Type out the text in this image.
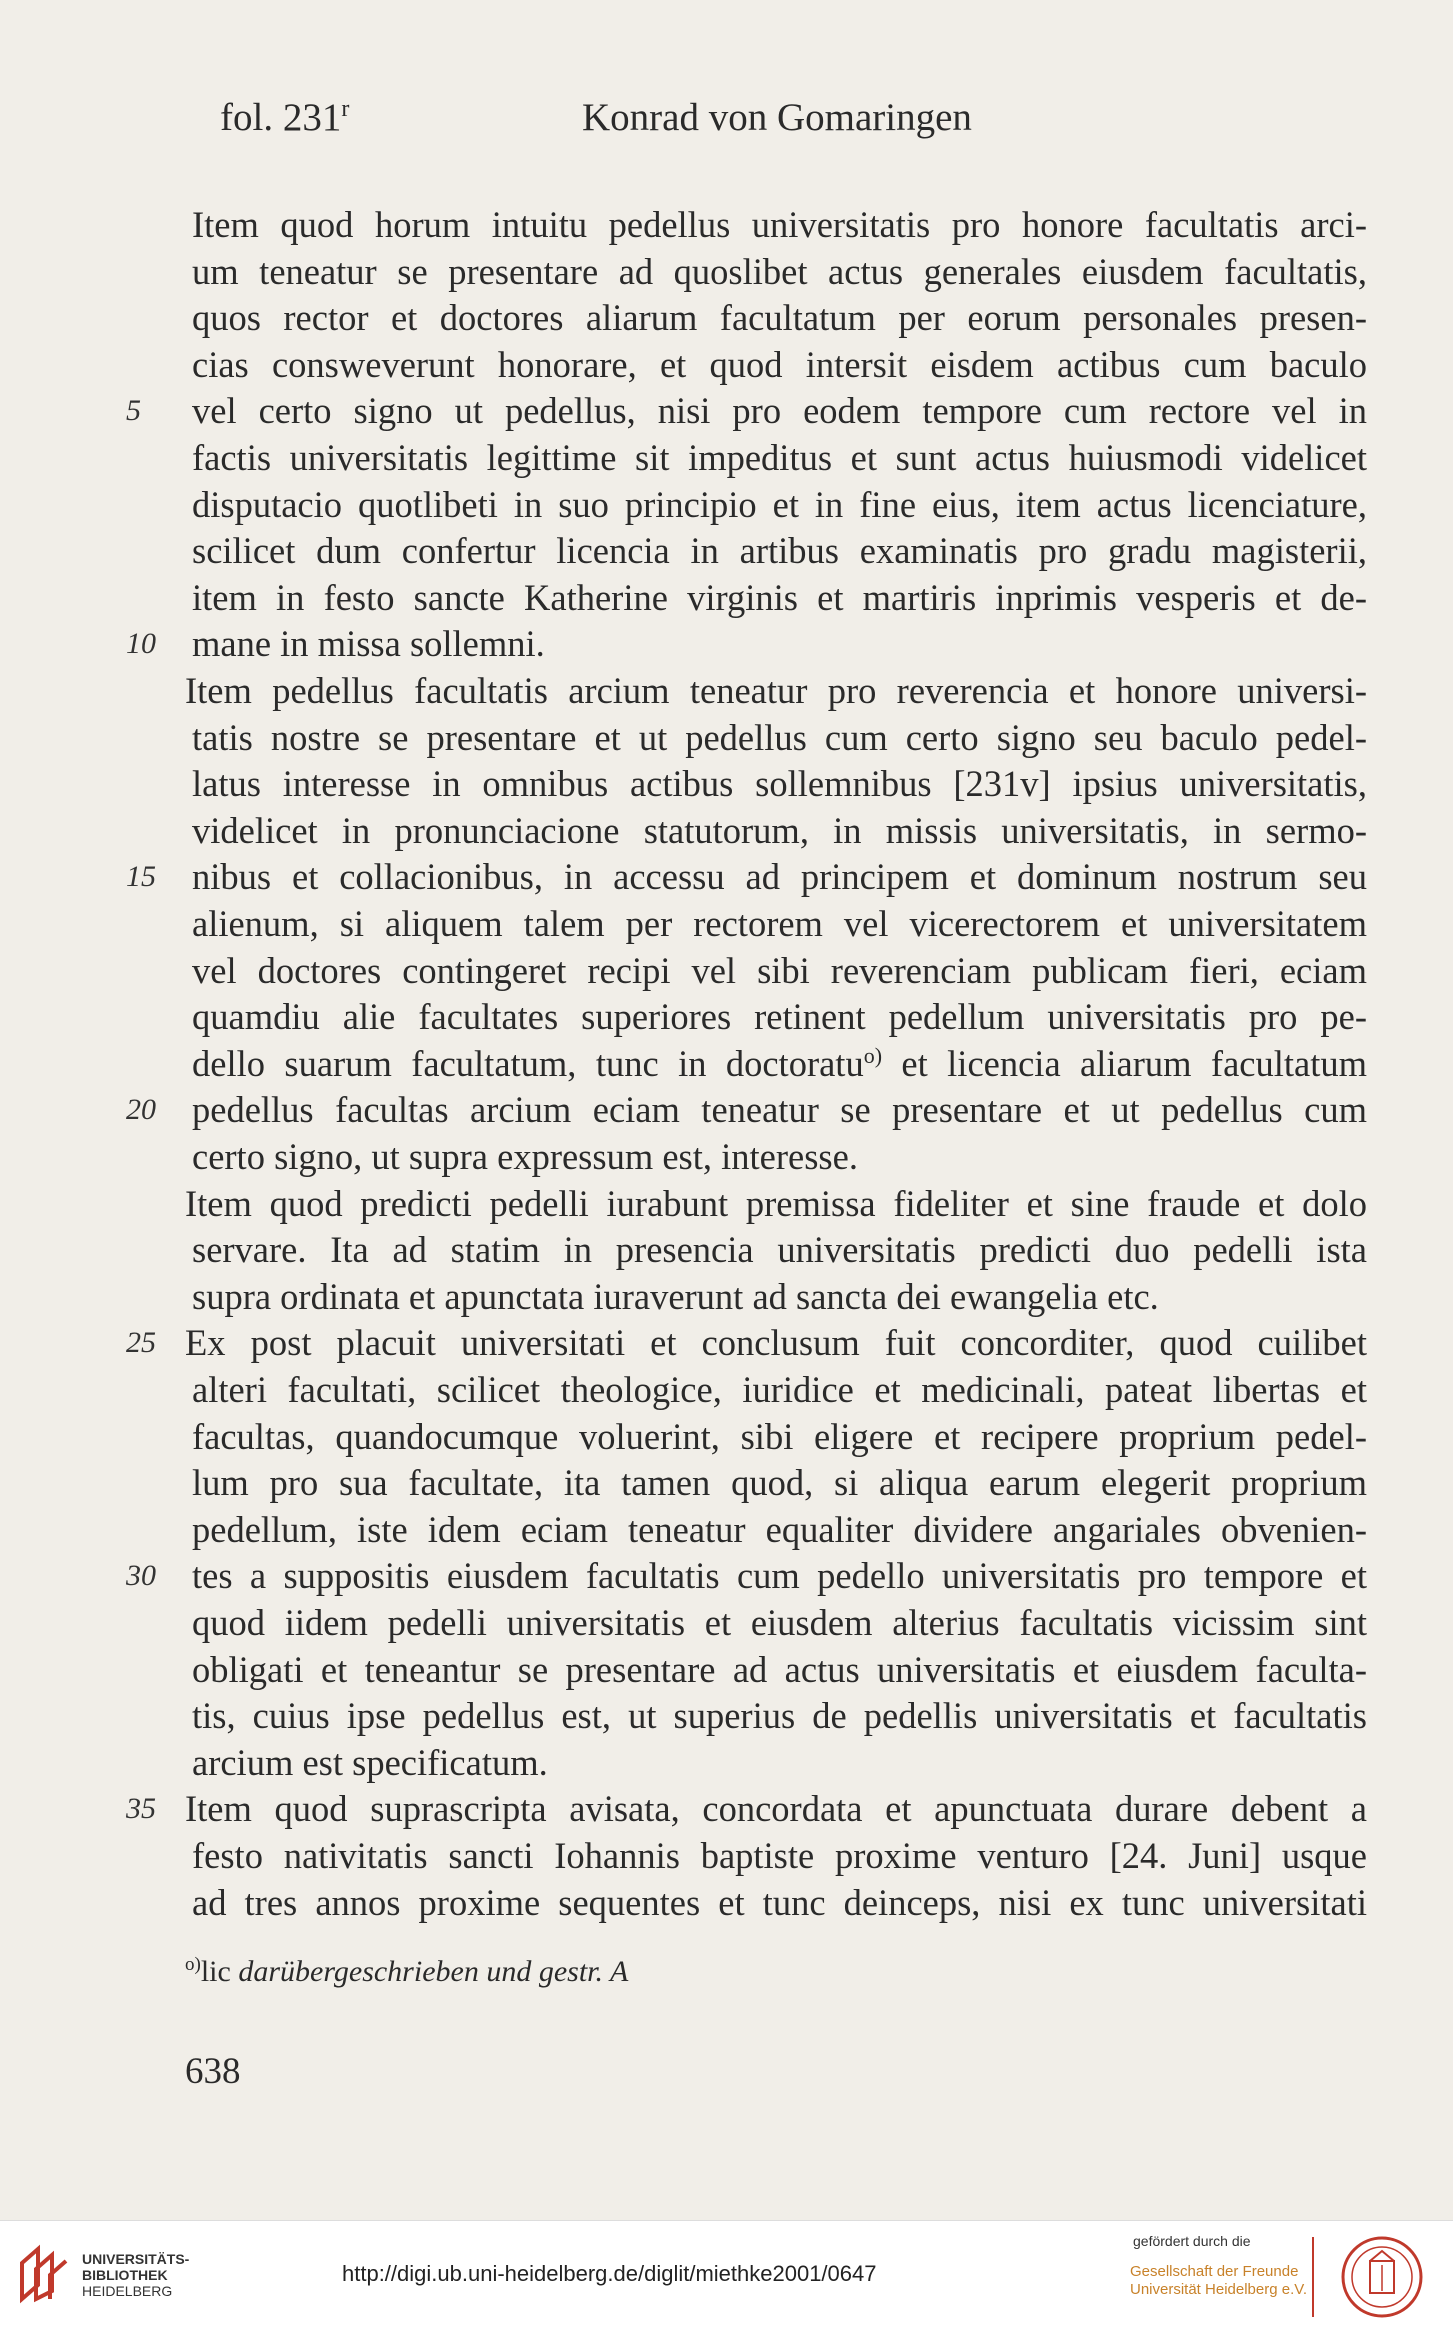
fol. 231$^r$	Konrad von Gomaringen
Item quod horum intuitu pedellus universitatis pro honore facultatis arci-
um teneatur se presentare ad quoslibet actus generales eiusdem facultatis,
quos rector et doctores aliarum facultatum per eorum personales presen-
cias consweverunt honorare, et quod intersit eisdem actibus cum baculo
vel certo signo ut pedellus, nisi pro eodem tempore cum rectore vel in
5
factis universitatis legittime sit impeditus et sunt actus huiusmodi videlicet
disputacio quotlibeti in suo principio et in fine eius, item actus licenciature,
scilicet dum confertur licencia in artibus examinatis pro gradu magisterii,
item in festo sancte Katherine virginis et martiris inprimis vesperis et de-
mane in missa sollemni.
10
Item pedellus facultatis arcium teneatur pro reverencia et honore universi-
tatis nostre se presentare et ut pedellus cum certo signo seu baculo pedel-
latus interesse in omnibus actibus sollemnibus [231v] ipsius universitatis,
videlicet in pronunciacione statutorum, in missis universitatis, in sermo-
nibus et collacionibus, in accessu ad principem et dominum nostrum seu
15
alienum, si aliquem talem per rectorem vel vicerectorem et universitatem
vel doctores contingeret recipi vel sibi reverenciam publicam fieri, eciam
quamdiu alie facultates superiores retinent pedellum universitatis pro pe-
dello suarum facultatum, tunc in doctoratu$^{o)}$ et licencia aliarum facultatum
pedellus facultas arcium eciam teneatur se presentare et ut pedellus cum
20
certo signo, ut supra expressum est, interesse.
Item quod predicti pedelli iurabunt premissa fideliter et sine fraude et dolo
servare. Ita ad statim in presencia universitatis predicti duo pedelli ista
supra ordinata et apunctata iuraverunt ad sancta dei ewangelia etc.
Ex post placuit universitati et conclusum fuit concorditer, quod cuilibet
25
alteri facultati, scilicet theologice, iuridice et medicinali, pateat libertas et
facultas, quandocumque voluerint, sibi eligere et recipere proprium pedel-
lum pro sua facultate, ita tamen quod, si aliqua earum elegerit proprium
pedellum, iste idem eciam teneatur equaliter dividere angariales obvenien-
tes a suppositis eiusdem facultatis cum pedello universitatis pro tempore et
30
quod iidem pedelli universitatis et eiusdem alterius facultatis vicissim sint
obligati et teneantur se presentare ad actus universitatis et eiusdem faculta-
tis, cuius ipse pedellus est, ut superius de pedellis universitatis et facultatis
arcium est specificatum.
Item quod suprascripta avisata, concordata et apunctuata durare debent a
35
festo nativitatis sancti Iohannis baptiste proxime venturo [24. Juni] usque
ad tres annos proxime sequentes et tunc deinceps, nisi ex tunc universitati
$^{o)}$lic darübergeschrieben und gestr. A
638
UNIVERSITÄTS-
BIBLIOTHEK
HEIDELBERG
http://digi.ub.uni-heidelberg.de/diglit/miethke2001/0647
gefördert durch die
Gesellschaft der Freunde
Universität Heidelberg e.V.
